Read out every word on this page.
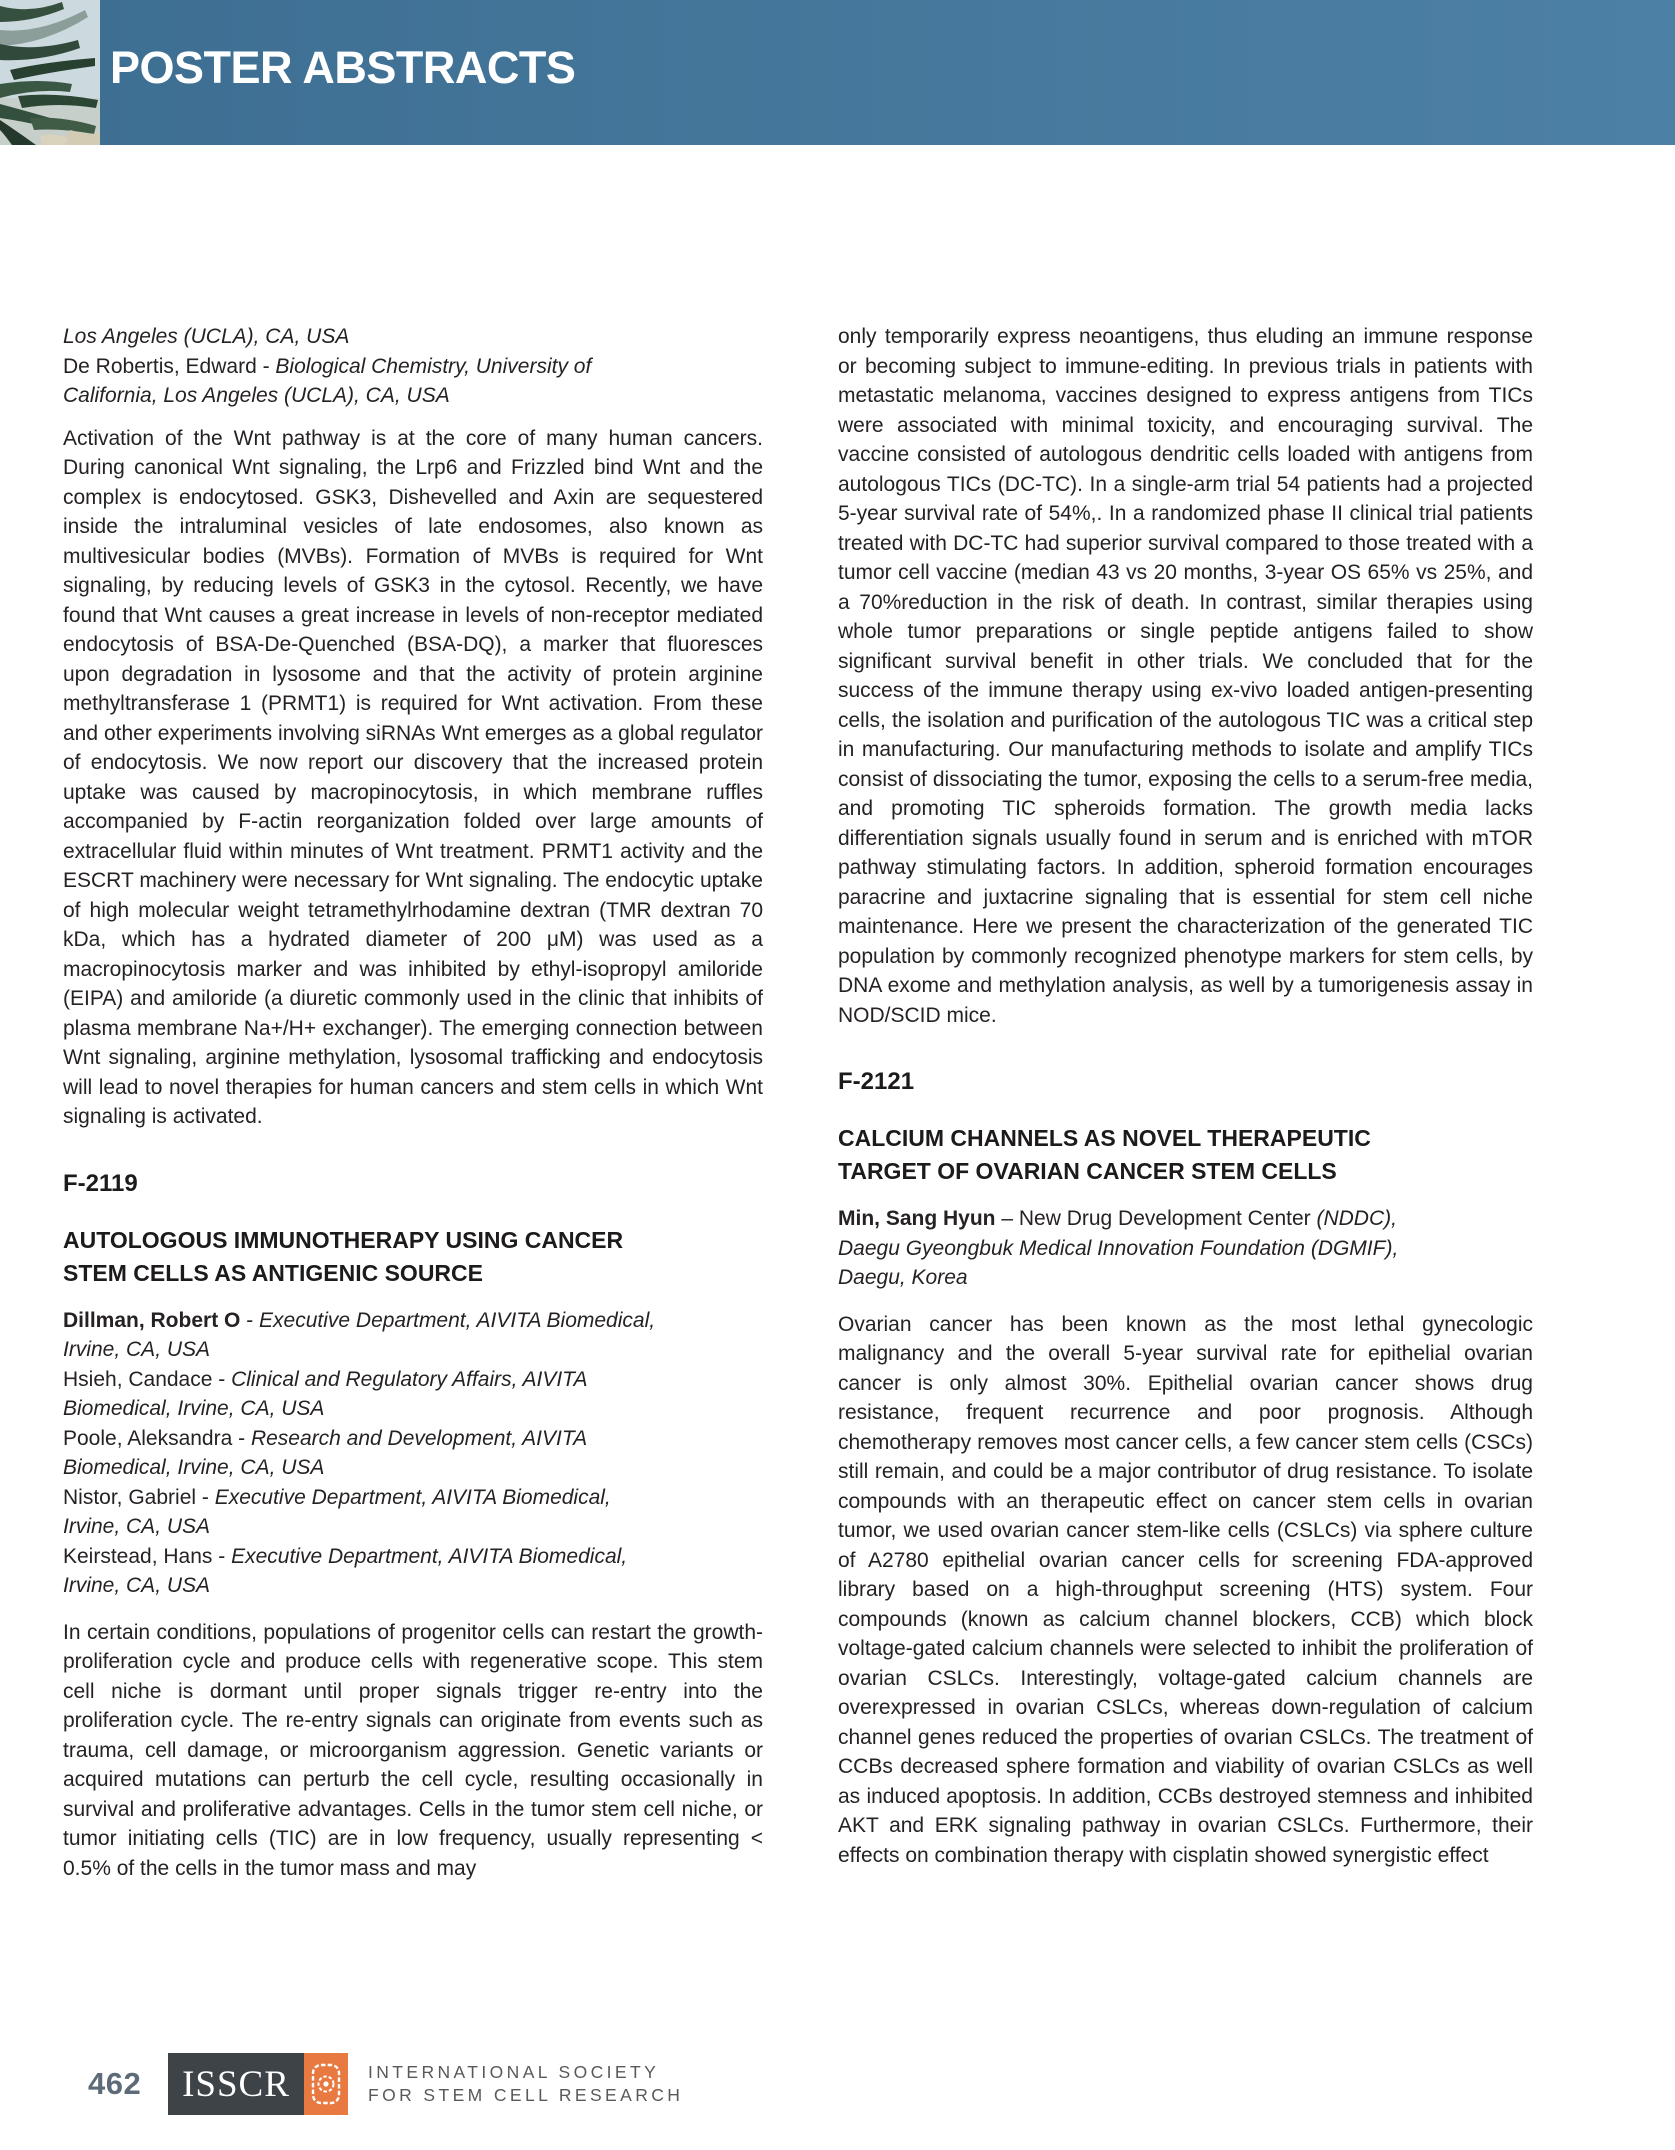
POSTER ABSTRACTS
Los Angeles (UCLA), CA, USA
De Robertis, Edward - Biological Chemistry, University of California, Los Angeles (UCLA), CA, USA

Activation of the Wnt pathway is at the core of many human cancers. During canonical Wnt signaling, the Lrp6 and Frizzled bind Wnt and the complex is endocytosed. GSK3, Dishevelled and Axin are sequestered inside the intraluminal vesicles of late endosomes, also known as multivesicular bodies (MVBs). Formation of MVBs is required for Wnt signaling, by reducing levels of GSK3 in the cytosol. Recently, we have found that Wnt causes a great increase in levels of non-receptor mediated endocytosis of BSA-De-Quenched (BSA-DQ), a marker that fluoresces upon degradation in lysosome and that the activity of protein arginine methyltransferase 1 (PRMT1) is required for Wnt activation. From these and other experiments involving siRNAs Wnt emerges as a global regulator of endocytosis. We now report our discovery that the increased protein uptake was caused by macropinocytosis, in which membrane ruffles accompanied by F-actin reorganization folded over large amounts of extracellular fluid within minutes of Wnt treatment. PRMT1 activity and the ESCRT machinery were necessary for Wnt signaling. The endocytic uptake of high molecular weight tetramethylrhodamine dextran (TMR dextran 70 kDa, which has a hydrated diameter of 200 μM) was used as a macropinocytosis marker and was inhibited by ethyl-isopropyl amiloride (EIPA) and amiloride (a diuretic commonly used in the clinic that inhibits of plasma membrane Na+/H+ exchanger). The emerging connection between Wnt signaling, arginine methylation, lysosomal trafficking and endocytosis will lead to novel therapies for human cancers and stem cells in which Wnt signaling is activated.

F-2119
AUTOLOGOUS IMMUNOTHERAPY USING CANCER STEM CELLS AS ANTIGENIC SOURCE
Dillman, Robert O - Executive Department, AIVITA Biomedical, Irvine, CA, USA
Hsieh, Candace - Clinical and Regulatory Affairs, AIVITA Biomedical, Irvine, CA, USA
Poole, Aleksandra - Research and Development, AIVITA Biomedical, Irvine, CA, USA
Nistor, Gabriel - Executive Department, AIVITA Biomedical, Irvine, CA, USA
Keirstead, Hans - Executive Department, AIVITA Biomedical, Irvine, CA, USA

In certain conditions, populations of progenitor cells can restart the growth-proliferation cycle and produce cells with regenerative scope. This stem cell niche is dormant until proper signals trigger re-entry into the proliferation cycle. The re-entry signals can originate from events such as trauma, cell damage, or microorganism aggression. Genetic variants or acquired mutations can perturb the cell cycle, resulting occasionally in survival and proliferative advantages. Cells in the tumor stem cell niche, or tumor initiating cells (TIC) are in low frequency, usually representing < 0.5% of the cells in the tumor mass and may

only temporarily express neoantigens, thus eluding an immune response or becoming subject to immune-editing. In previous trials in patients with metastatic melanoma, vaccines designed to express antigens from TICs were associated with minimal toxicity, and encouraging survival. The vaccine consisted of autologous dendritic cells loaded with antigens from autologous TICs (DC-TC). In a single-arm trial 54 patients had a projected 5-year survival rate of 54%,. In a randomized phase II clinical trial patients treated with DC-TC had superior survival compared to those treated with a tumor cell vaccine (median 43 vs 20 months, 3-year OS 65% vs 25%, and a 70%reduction in the risk of death. In contrast, similar therapies using whole tumor preparations or single peptide antigens failed to show significant survival benefit in other trials. We concluded that for the success of the immune therapy using ex-vivo loaded antigen-presenting cells, the isolation and purification of the autologous TIC was a critical step in manufacturing. Our manufacturing methods to isolate and amplify TICs consist of dissociating the tumor, exposing the cells to a serum-free media, and promoting TIC spheroids formation. The growth media lacks differentiation signals usually found in serum and is enriched with mTOR pathway stimulating factors. In addition, spheroid formation encourages paracrine and juxtacrine signaling that is essential for stem cell niche maintenance. Here we present the characterization of the generated TIC population by commonly recognized phenotype markers for stem cells, by DNA exome and methylation analysis, as well by a tumorigenesis assay in NOD/SCID mice.

F-2121
CALCIUM CHANNELS AS NOVEL THERAPEUTIC TARGET OF OVARIAN CANCER STEM CELLS
Min, Sang Hyun – New Drug Development Center (NDDC), Daegu Gyeongbuk Medical Innovation Foundation (DGMIF), Daegu, Korea

Ovarian cancer has been known as the most lethal gynecologic malignancy and the overall 5-year survival rate for epithelial ovarian cancer is only almost 30%. Epithelial ovarian cancer shows drug resistance, frequent recurrence and poor prognosis. Although chemotherapy removes most cancer cells, a few cancer stem cells (CSCs) still remain, and could be a major contributor of drug resistance. To isolate compounds with an therapeutic effect on cancer stem cells in ovarian tumor, we used ovarian cancer stem-like cells (CSLCs) via sphere culture of A2780 epithelial ovarian cancer cells for screening FDA-approved library based on a high-throughput screening (HTS) system. Four compounds (known as calcium channel blockers, CCB) which block voltage-gated calcium channels were selected to inhibit the proliferation of ovarian CSLCs. Interestingly, voltage-gated calcium channels are overexpressed in ovarian CSLCs, whereas down-regulation of calcium channel genes reduced the properties of ovarian CSLCs. The treatment of CCBs decreased sphere formation and viability of ovarian CSLCs as well as induced apoptosis. In addition, CCBs destroyed stemness and inhibited AKT and ERK signaling pathway in ovarian CSLCs. Furthermore, their effects on combination therapy with cisplatin showed synergistic effect

462	ISSCR	INTERNATIONAL SOCIETY
FOR STEM CELL RESEARCH
